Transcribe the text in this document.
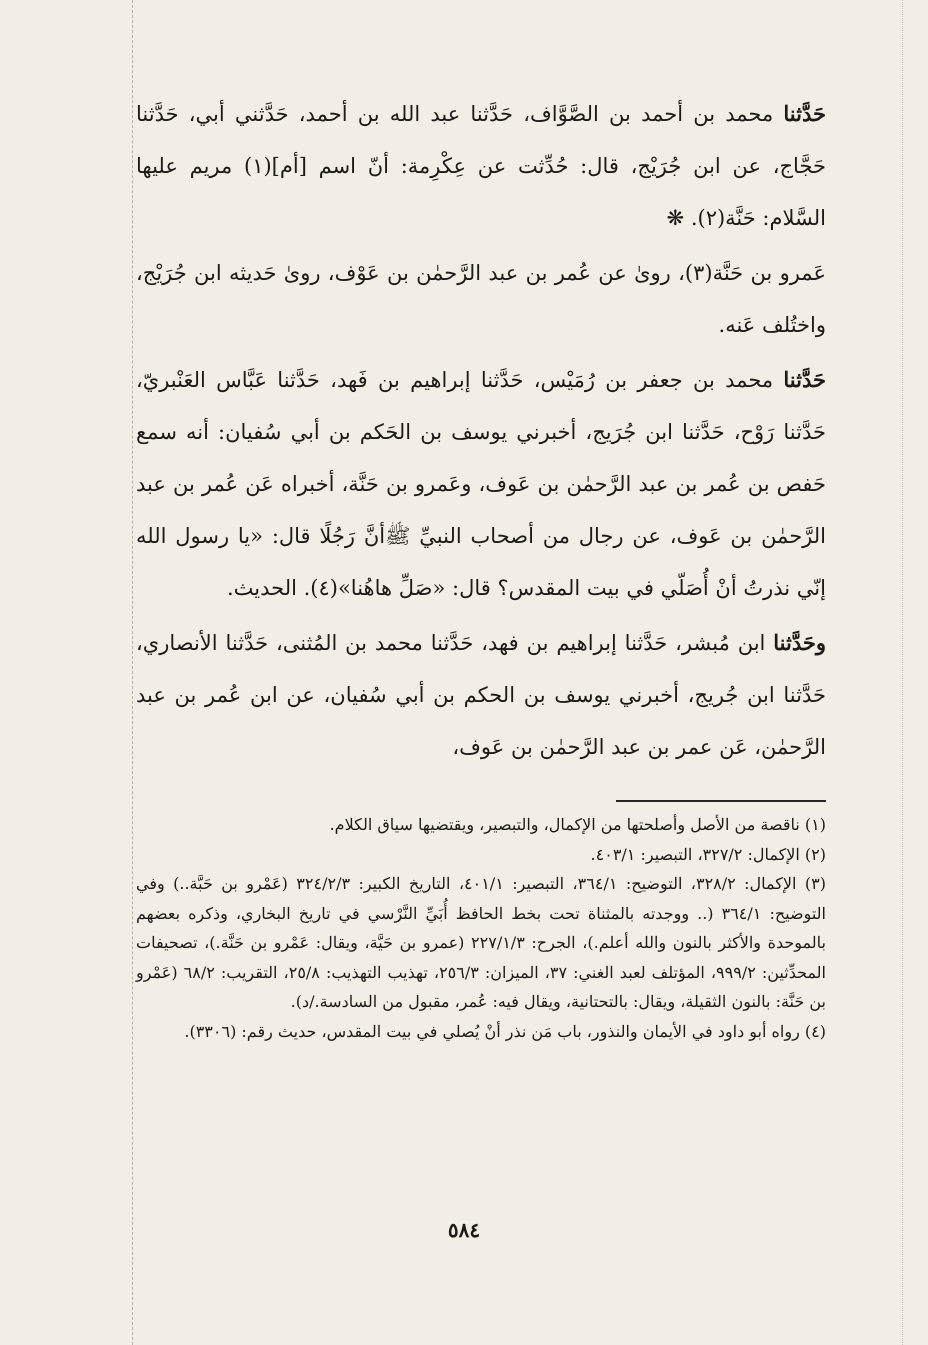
حَدَّثنا محمد بن أحمد بن الصَّوَّاف، حَدَّثنا عبد الله بن أحمد، حَدَّثني أبي، حَدَّثنا حَجَّاج، عن ابن جُرَيْج، قال: حُدِّثت عن عِكْرِمة: أنّ اسم [أم](١) مريم عليها السَّلام: حَنَّة(٢). ❋

عَمرو بن حَنَّة(٣)، روىٰ عن عُمر بن عبد الرَّحمٰن بن عَوْف، روىٰ حَديثه ابن جُرَيْج، واختُلف عَنه.

حَدَّثنا محمد بن جعفر بن رُمَيْس، حَدَّثنا إبراهيم بن فَهد، حَدَّثنا عَبَّاس العَنْبريّ، حَدَّثنا رَوْح، حَدَّثنا ابن جُرَيج، أخبرني يوسف بن الحَكم بن أبي سُفيان: أنه سمع حَفص بن عُمر بن عبد الرَّحمٰن بن عَوف، وعَمرو بن حَنَّة، أخبراه عَن عُمر بن عبد الرَّحمٰن بن عَوف، عن رجال من أصحاب النبيِّ ﷺأنَّ رَجُلًا قال: «يا رسول الله إنّي نذرتُ أنْ أُصَلّي في بيت المقدس؟ قال: «صَلِّ هاهُنا»(٤). الحديث.

وحَدَّثنا ابن مُبشر، حَدَّثنا إبراهيم بن فهد، حَدَّثنا محمد بن المُثنى، حَدَّثنا الأنصاري، حَدَّثنا ابن جُريج، أخبرني يوسف بن الحكم بن أبي سُفيان، عن ابن عُمر بن عبد الرَّحمٰن، عَن عمر بن عبد الرَّحمٰن بن عَوف،

(١) ناقصة من الأصل وأصلحتها من الإكمال، والتبصير، ويقتضيها سياق الكلام.

(٢) الإكمال: ٣٢٧/٢، التبصير: ٤٠٣/١.

(٣) الإكمال: ٣٢٨/٢، التوضيح: ٣٦٤/١، التبصير: ٤٠١/١، التاريخ الكبير: ٣٢٤/٢/٣ (عَمْرو بن حَبَّة..) وفي التوضيح: ٣٦٤/١ (.. ووجدته بالمثناة تحت بخط الحافظ أُبَيِّ النَّرْسي في تاريخ البخاري، وذكره بعضهم بالموحدة والأكثر بالنون والله أعلم.)، الجرح: ٢٢٧/١/٣ (عمرو بن حَيَّة، ويقال: عَمْرو بن حَنَّة.)، تصحيفات المحدِّثين: ٩٩٩/٢، المؤتلف لعبد الغني: ٣٧، الميزان: ٢٥٦/٣، تهذيب التهذيب: ٢٥/٨، التقريب: ٦٨/٢ (عَمْرو بن حَنَّة: بالنون الثقيلة، ويقال: بالتحتانية، ويقال فيه: عُمر، مقبول من السادسة./د).

(٤) رواه أبو داود في الأيمان والنذور، باب مَن نذر أنْ يُصلي في بيت المقدس، حديث رقم: (٣٣٠٦).

٥٨٤
